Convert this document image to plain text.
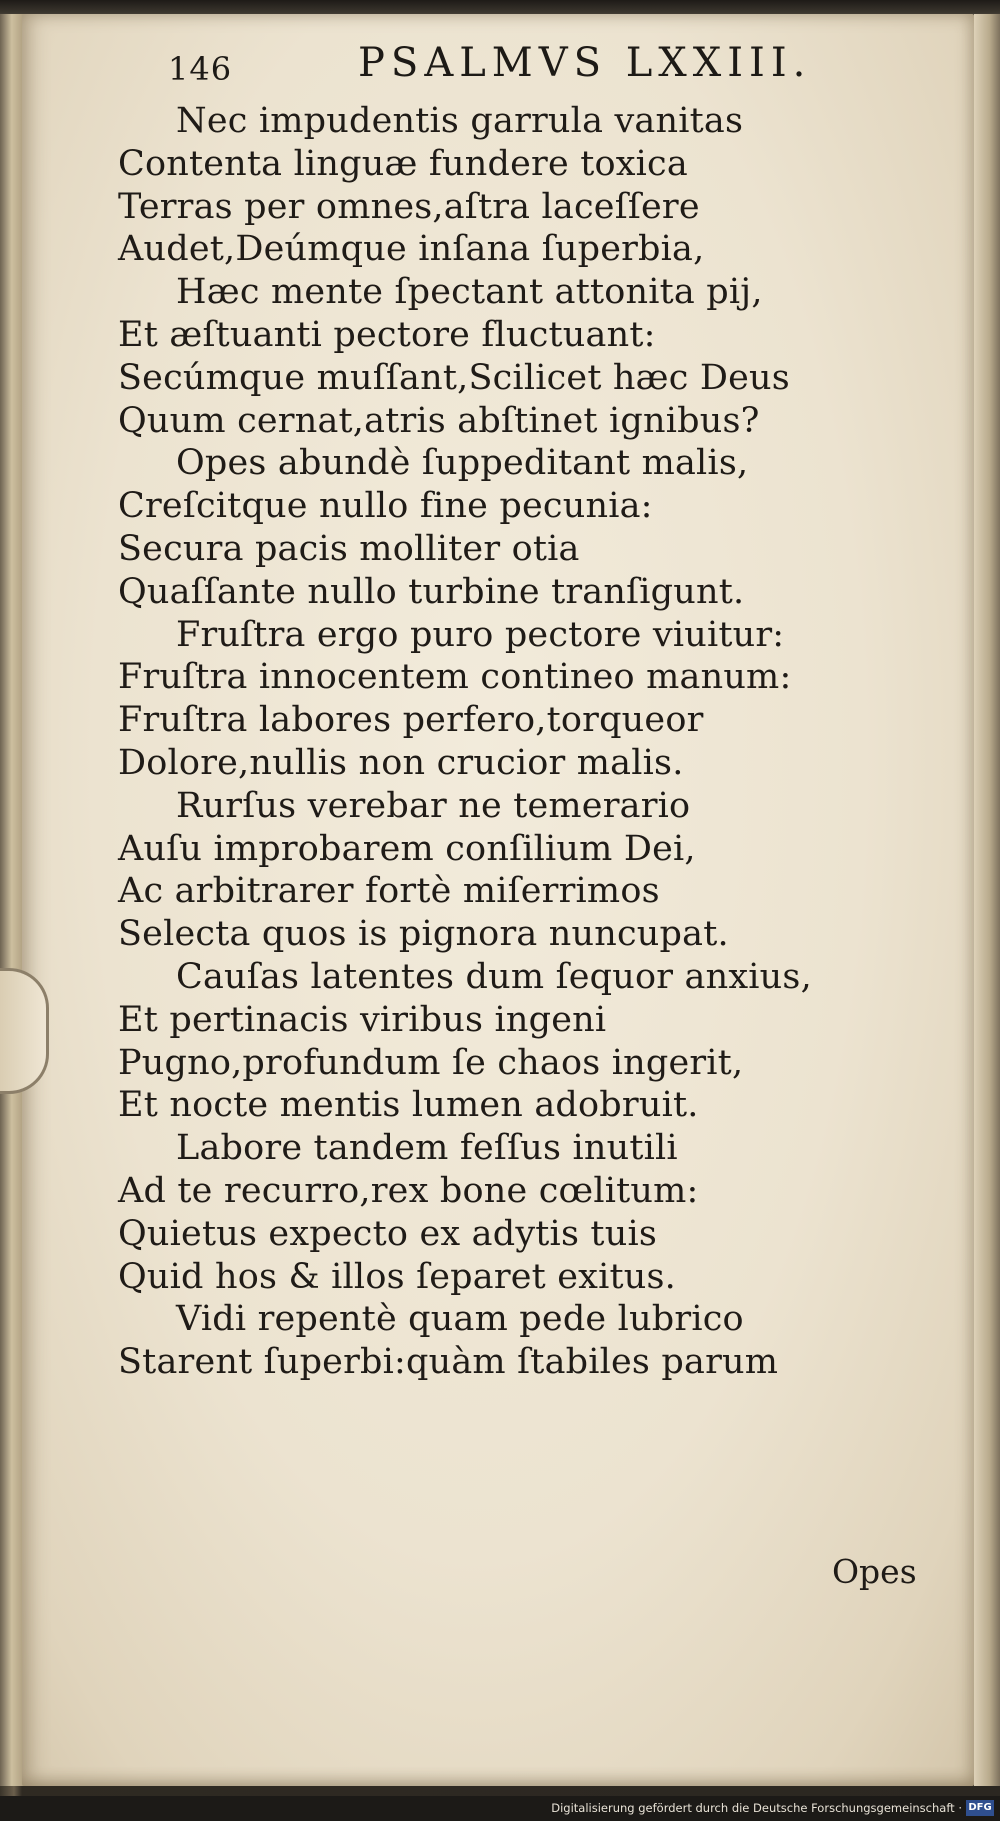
146	PSALMVS LXXIII.
Nec impudentis garrula vanitas
Contenta linguæ fundere toxica
Terras per omnes,aſtra laceſſere
Audet,Deúmque inſana ſuperbia,
Hæc mente ſpectant attonita pij,
Et æſtuanti pectore fluctuant:
Secúmque muſſant,Scilicet hæc Deus
Quum cernat,atris abſtinet ignibus?
Opes abundè ſuppeditant malis,
Creſcitque nullo fine pecunia:
Secura pacis molliter otia
Quaſſante nullo turbine tranſigunt.
Fruſtra ergo puro pectore viuitur:
Fruſtra innocentem contineo manum:
Fruſtra labores perfero,torqueor
Dolore,nullis non crucior malis.
Rurſus verebar ne temerario
Auſu improbarem conſilium Dei,
Ac arbitrarer fortè miſerrimos
Selecta quos is pignora nuncupat.
Cauſas latentes dum ſequor anxius,
Et pertinacis viribus ingeni
Pugno,profundum ſe chaos ingerit,
Et nocte mentis lumen adobruit.
Labore tandem feſſus inutili
Ad te recurro,rex bone cœlitum:
Quietus expecto ex adytis tuis
Quid hos & illos ſeparet exitus.
Vidi repentè quam pede lubrico
Starent ſuperbi:quàm ſtabiles parum
Opes
Digitalisierung gefördert durch die Deutsche Forschungsgemeinschaft · DFG
